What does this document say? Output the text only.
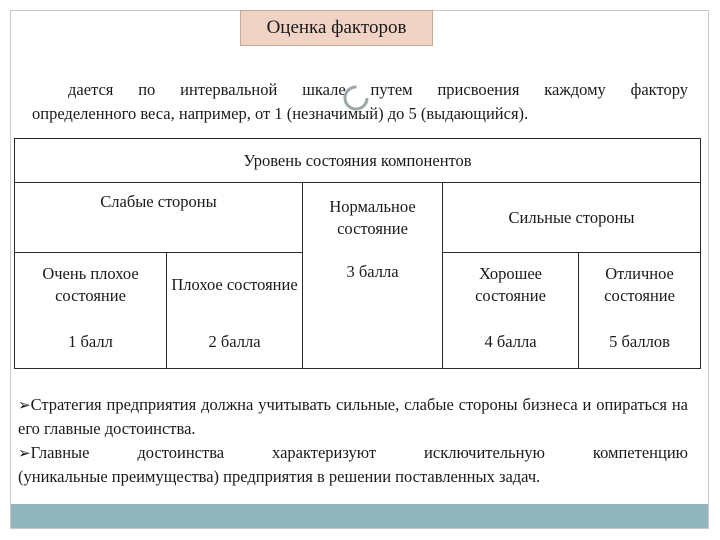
Оценка факторов
дается по интервальной шкале путем присвоения каждому фактору
определенного веса, например, от 1 (незначимый) до 5 (выдающийся).
Уровень состояния компонентов				
Слабые стороны		Нормальное состояние	Сильные стороны	
Очень плохое состояние	Плохое состояние	3 балла	Хорошее состояние	Отличное состояние
1 балл	2 балла		4 балла	5 баллов

➢Стратегия предприятия должна учитывать сильные, слабые стороны бизнеса и опираться на его главные достоинства.

➢Главные достоинства характеризуют исключительную компетенцию

(уникальные преимущества) предприятия в решении поставленных задач.
